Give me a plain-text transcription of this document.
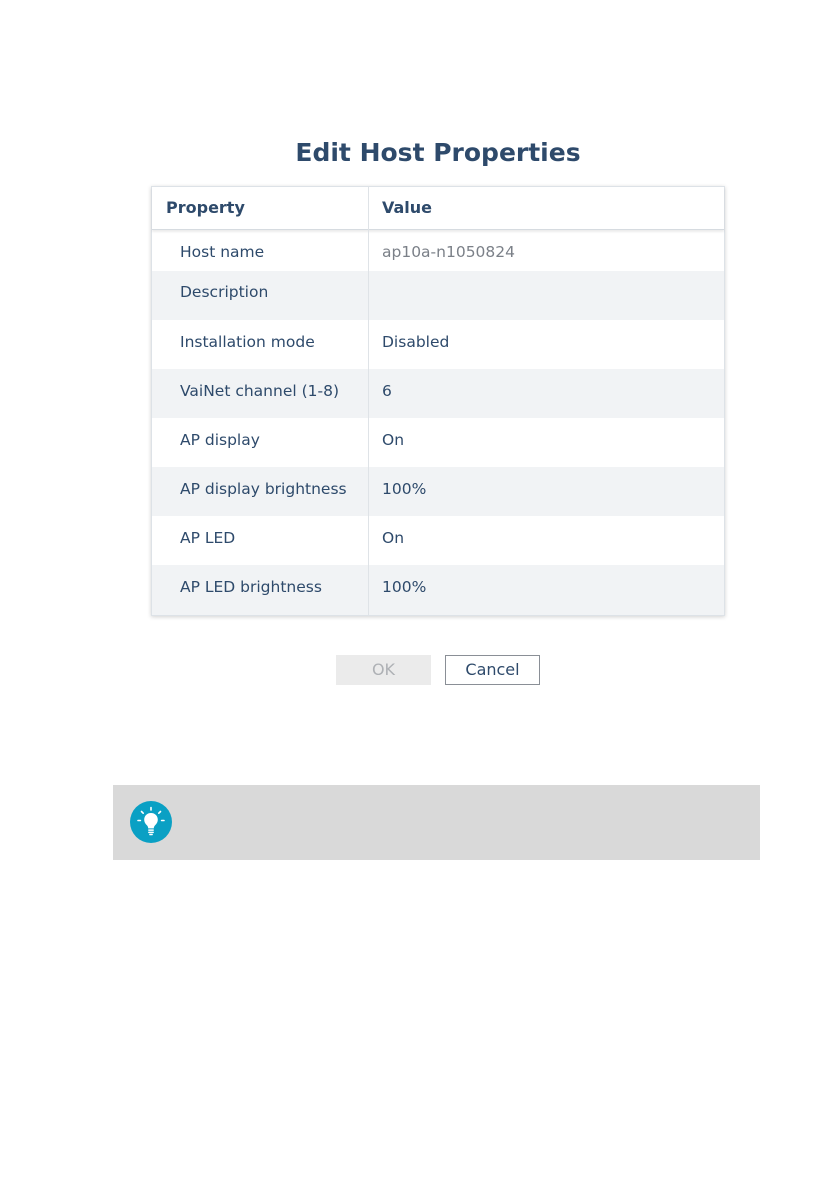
Edit Host Properties
Property	Value
Host name	ap10a-n1050824
Description
Installation mode	Disabled
VaiNet channel (1-8)	6
AP display	On
AP display brightness 100%
AP LED	On
AP LED brightness	100%
OK	Cancel
